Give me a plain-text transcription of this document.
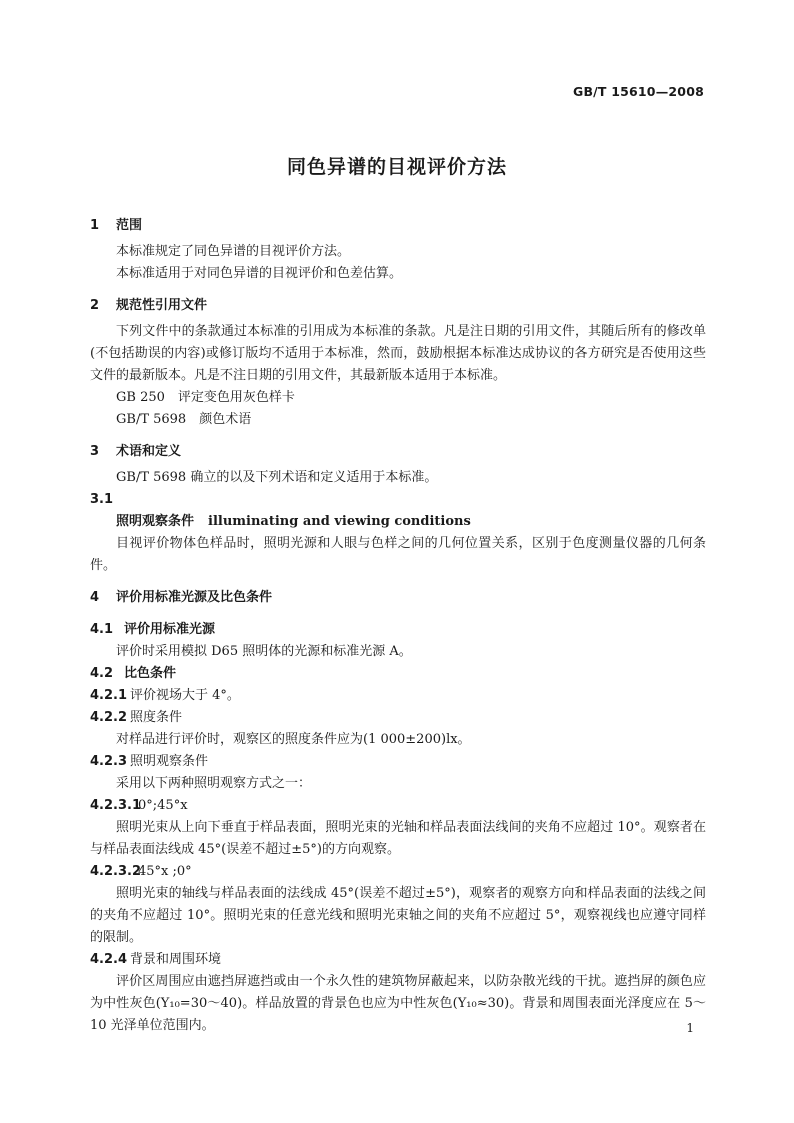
GB/T 15610—2008
同色异谱的目视评价方法
1 范围
本标准规定了同色异谱的目视评价方法。
本标准适用于对同色异谱的目视评价和色差估算。
2 规范性引用文件
下列文件中的条款通过本标准的引用成为本标准的条款。凡是注日期的引用文件，其随后所有的修改单(不包括勘误的内容)或修订版均不适用于本标准，然而，鼓励根据本标准达成协议的各方研究是否使用这些文件的最新版本。凡是不注日期的引用文件，其最新版本适用于本标准。
GB 250　评定变色用灰色样卡
GB/T 5698　颜色术语
3 术语和定义
GB/T 5698 确立的以及下列术语和定义适用于本标准。
3.1
照明观察条件 illuminating and viewing conditions
目视评价物体色样品时，照明光源和人眼与色样之间的几何位置关系，区别于色度测量仪器的几何条件。
4 评价用标准光源及比色条件
4.1 评价用标准光源
评价时采用模拟 D65 照明体的光源和标准光源 A。
4.2 比色条件
4.2.1 评价视场大于 4°。
4.2.2 照度条件
对样品进行评价时，观察区的照度条件应为(1 000±200)lx。
4.2.3 照明观察条件
采用以下两种照明观察方式之一：
4.2.3.10°;45°x
照明光束从上向下垂直于样品表面，照明光束的光轴和样品表面法线间的夹角不应超过 10°。观察者在与样品表面法线成 45°(误差不超过±5°)的方向观察。
4.2.3.245°x ;0°
照明光束的轴线与样品表面的法线成 45°(误差不超过±5°)，观察者的观察方向和样品表面的法线之间的夹角不应超过 10°。照明光束的任意光线和照明光束轴之间的夹角不应超过 5°，观察视线也应遵守同样的限制。
4.2.4 背景和周围环境
评价区周围应由遮挡屏遮挡或由一个永久性的建筑物屏蔽起来，以防杂散光线的干扰。遮挡屏的颜色应为中性灰色(Y₁₀=30～40)。样品放置的背景色也应为中性灰色(Y₁₀≈30)。背景和周围表面光泽度应在 5～10 光泽单位范围内。	1
